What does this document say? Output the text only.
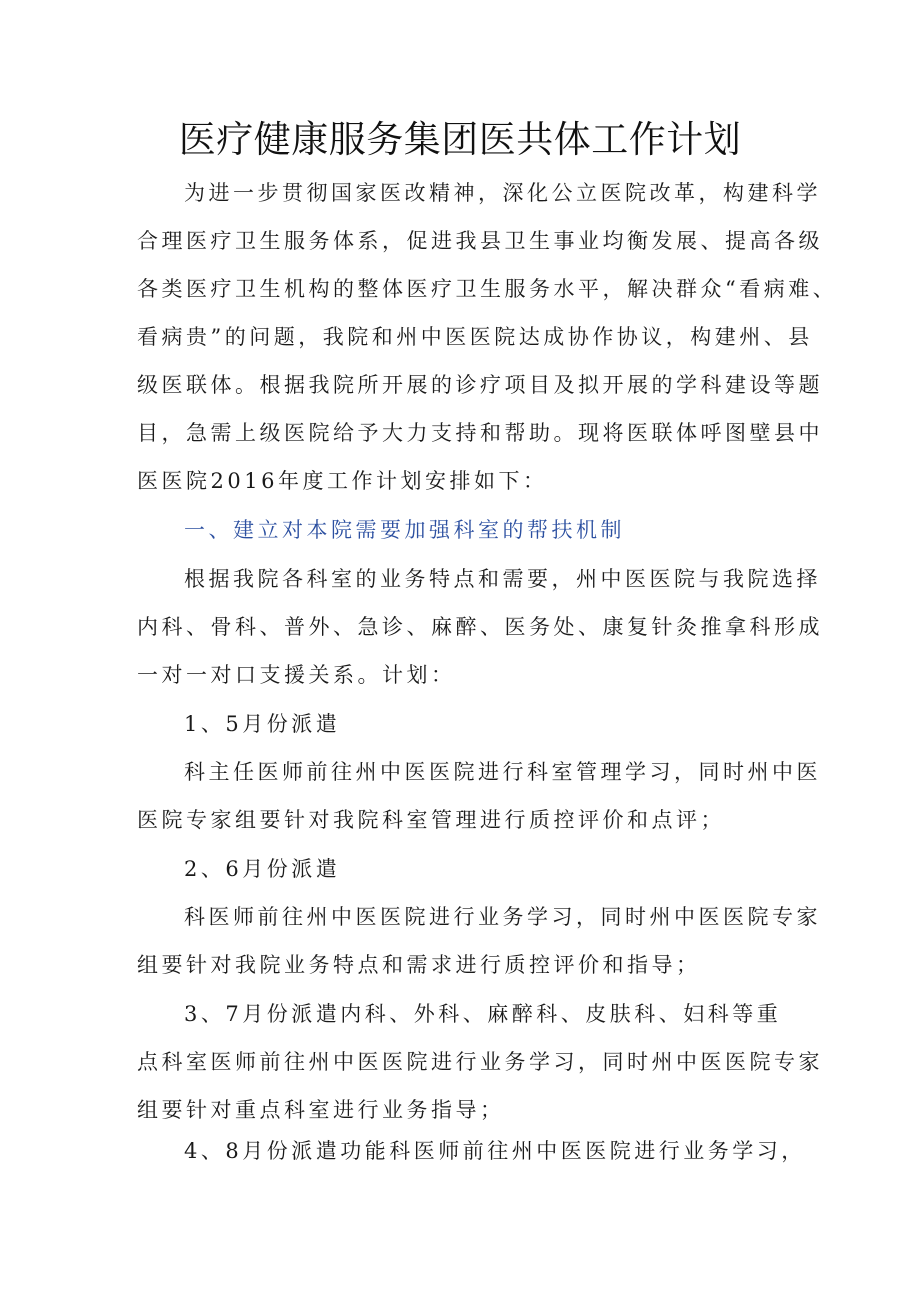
医疗健康服务集团医共体工作计划
为进一步贯彻国家医改精神，深化公立医院改革，构建科学
合理医疗卫生服务体系，促进我县卫生事业均衡发展、提高各级
各类医疗卫生机构的整体医疗卫生服务水平，解决群众“看病难、
看病贵”的问题，我院和州中医医院达成协作协议，构建州、县
级医联体。根据我院所开展的诊疗项目及拟开展的学科建设等题
目，急需上级医院给予大力支持和帮助。现将医联体呼图壁县中
医医院2016年度工作计划安排如下：
一、建立对本院需要加强科室的帮扶机制
根据我院各科室的业务特点和需要，州中医医院与我院选择
内科、骨科、普外、急诊、麻醉、医务处、康复针灸推拿科形成
一对一对口支援关系。计划：
1、5月份派遣
科主任医师前往州中医医院进行科室管理学习，同时州中医
医院专家组要针对我院科室管理进行质控评价和点评；
2、6月份派遣
科医师前往州中医医院进行业务学习，同时州中医医院专家
组要针对我院业务特点和需求进行质控评价和指导；
3、7月份派遣内科、外科、麻醉科、皮肤科、妇科等重
点科室医师前往州中医医院进行业务学习，同时州中医医院专家
组要针对重点科室进行业务指导；
4、8月份派遣功能科医师前往州中医医院进行业务学习，
